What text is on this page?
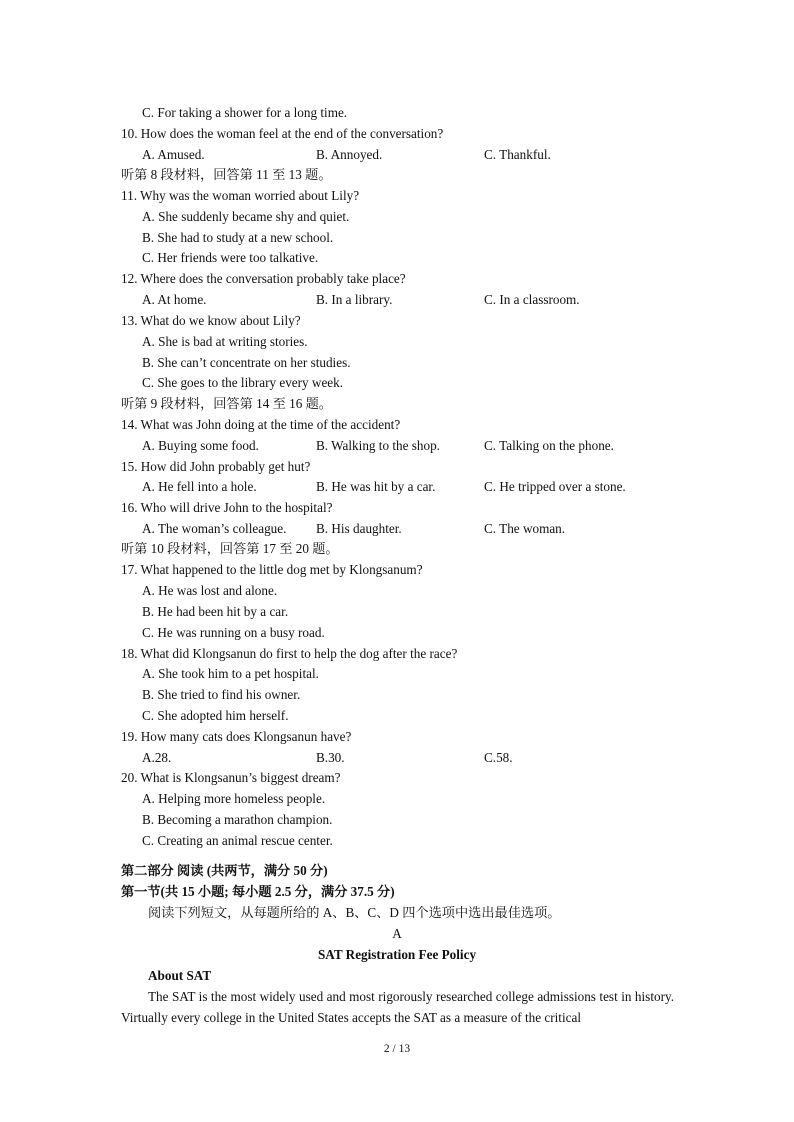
C. For taking a shower for a long time.
10. How does the woman feel at the end of the conversation?
A. Amused.	B. Annoyed.	C. Thankful.
听第 8 段材料，回答第 11 至 13 题。
11. Why was the woman worried about Lily?
A. She suddenly became shy and quiet.
B. She had to study at a new school.
C. Her friends were too talkative.
12. Where does the conversation probably take place?
A. At home.	B. In a library.	C. In a classroom.
13. What do we know about Lily?
A. She is bad at writing stories.
B. She can’t concentrate on her studies.
C. She goes to the library every week.
听第 9 段材料，回答第 14 至 16 题。
14. What was John doing at the time of the accident?
A. Buying some food.	B. Walking to the shop.	C. Talking on the phone.
15. How did John probably get hut?
A. He fell into a hole.	B. He was hit by a car.	C. He tripped over a stone.
16. Who will drive John to the hospital?
A. The woman’s colleague. B. His daughter.	C. The woman.
听第 10 段材料，回答第 17 至 20 题。
17. What happened to the little dog met by Klongsanum?
A. He was lost and alone.
B. He had been hit by a car.
C. He was running on a busy road.
18. What did Klongsanun do first to help the dog after the race?
A. She took him to a pet hospital.
B. She tried to find his owner.
C. She adopted him herself.
19. How many cats does Klongsanun have?
A.28.	B.30.	C.58.
20. What is Klongsanun’s biggest dream?
A. Helping more homeless people.
B. Becoming a marathon champion.
C. Creating an animal rescue center.
第二部分 阅读 (共两节，满分 50 分)
第一节(共 15 小题; 每小题 2.5 分，满分 37.5 分)
阅读下列短文，从每题所给的 A、B、C、D 四个选项中选出最佳选项。
A
SAT Registration Fee Policy
About SAT
The SAT is the most widely used and most rigorously researched college admissions test in history. Virtually every college in the United States accepts the SAT as a measure of the critical
2 / 13
